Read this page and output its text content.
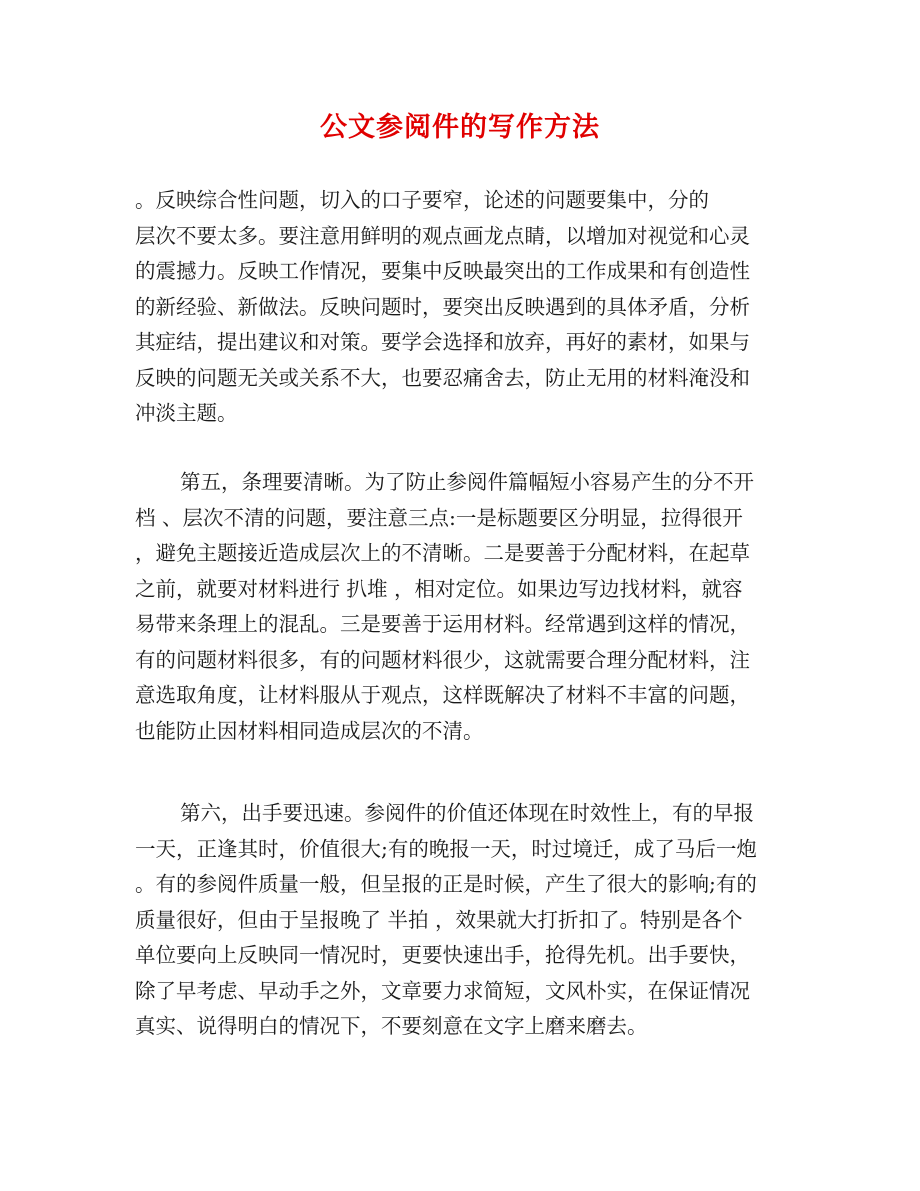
公文参阅件的写作方法

。反映综合性问题，切入的口子要窄，论述的问题要集中，分的
层次不要太多。要注意用鲜明的观点画龙点睛，以增加对视觉和心灵
的震撼力。反映工作情况，要集中反映最突出的工作成果和有创造性
的新经验、新做法。反映问题时，要突出反映遇到的具体矛盾，分析
其症结，提出建议和对策。要学会选择和放弃，再好的素材，如果与
反映的问题无关或关系不大，也要忍痛舍去，防止无用的材料淹没和
冲淡主题。

第五，条理要清晰。为了防止参阅件篇幅短小容易产生的分不开
档 、层次不清的问题，要注意三点:一是标题要区分明显，拉得很开
，避免主题接近造成层次上的不清晰。二是要善于分配材料，在起草
之前，就要对材料进行 扒堆 ，相对定位。如果边写边找材料，就容
易带来条理上的混乱。三是要善于运用材料。经常遇到这样的情况，
有的问题材料很多，有的问题材料很少，这就需要合理分配材料，注
意选取角度，让材料服从于观点，这样既解决了材料不丰富的问题，
也能防止因材料相同造成层次的不清。

第六，出手要迅速。参阅件的价值还体现在时效性上，有的早报
一天，正逢其时，价值很大;有的晚报一天，时过境迁，成了马后一炮
。有的参阅件质量一般，但呈报的正是时候，产生了很大的影响;有的
质量很好，但由于呈报晚了 半拍 ，效果就大打折扣了。特别是各个
单位要向上反映同一情况时，更要快速出手，抢得先机。出手要快，
除了早考虑、早动手之外，文章要力求简短，文风朴实，在保证情况
真实、说得明白的情况下，不要刻意在文字上磨来磨去。
